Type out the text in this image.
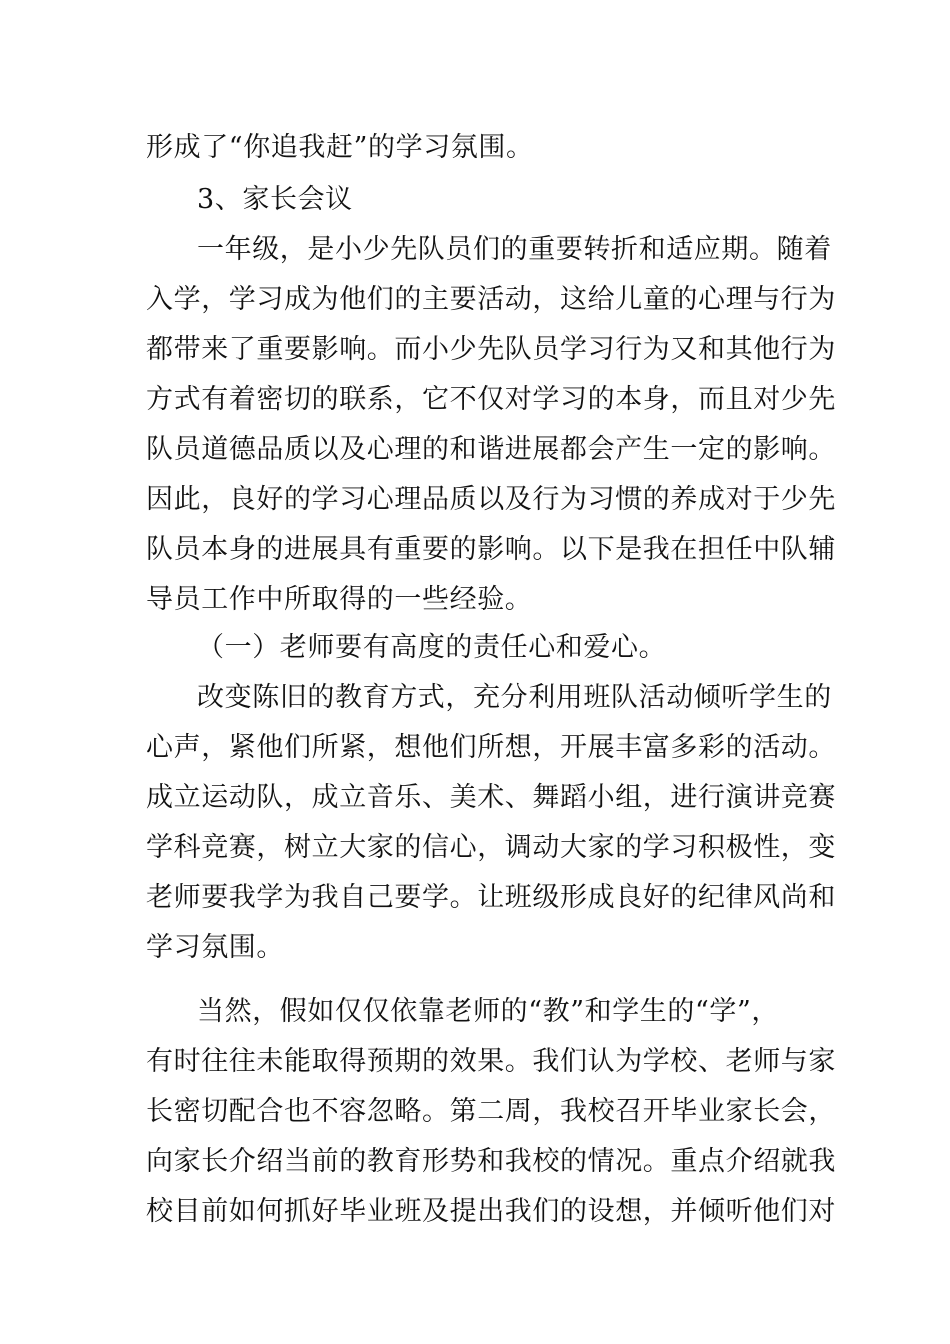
形成了“你追我赶”的学习氛围。
3、家长会议
一年级，是小少先队员们的重要转折和适应期。随着
入学，学习成为他们的主要活动，这给儿童的心理与行为
都带来了重要影响。而小少先队员学习行为又和其他行为
方式有着密切的联系，它不仅对学习的本身，而且对少先
队员道德品质以及心理的和谐进展都会产生一定的影响。
因此，良好的学习心理品质以及行为习惯的养成对于少先
队员本身的进展具有重要的影响。以下是我在担任中队辅
导员工作中所取得的一些经验。
（一）老师要有高度的责任心和爱心。
改变陈旧的教育方式，充分利用班队活动倾听学生的
心声，紧他们所紧，想他们所想，开展丰富多彩的活动。
成立运动队，成立音乐、美术、舞蹈小组，进行演讲竞赛
学科竞赛，树立大家的信心，调动大家的学习积极性，变
老师要我学为我自己要学。让班级形成良好的纪律风尚和
学习氛围。
当然，假如仅仅依靠老师的“教”和学生的“学”，
有时往往未能取得预期的效果。我们认为学校、老师与家
长密切配合也不容忽略。第二周，我校召开毕业家长会，
向家长介绍当前的教育形势和我校的情况。重点介绍就我
校目前如何抓好毕业班及提出我们的设想，并倾听他们对
